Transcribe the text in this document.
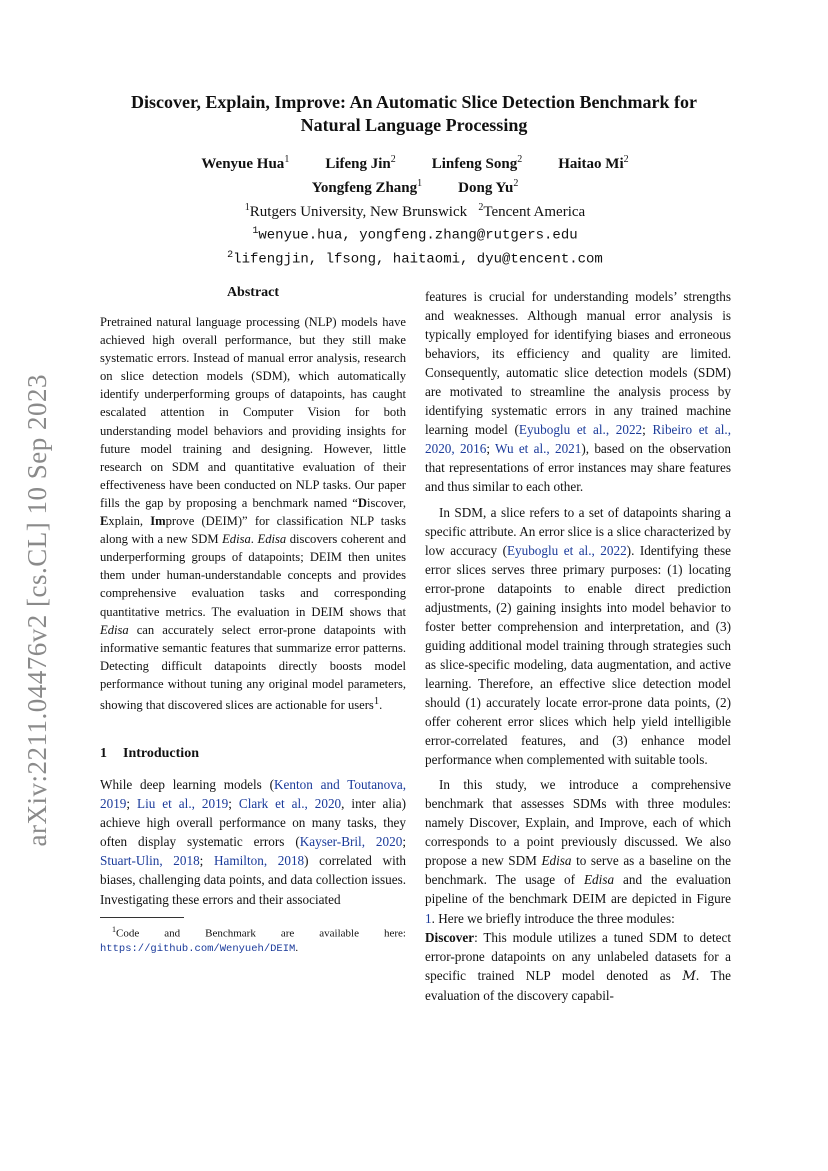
arXiv:2211.04476v2 [cs.CL] 10 Sep 2023
Discover, Explain, Improve: An Automatic Slice Detection Benchmark for
Natural Language Processing
Wenyue Hua$^1$ Lifeng Jin$^2$ Linfeng Song$^2$ Haitao Mi$^2$
Yongfeng Zhang$^1$ Dong Yu$^2$
$^1$Rutgers University, New Brunswick $^2$Tencent America
$^1$wenyue.hua, yongfeng.zhang@rutgers.edu
$^2$lifengjin, lfsong, haitaomi, dyu@tencent.com
Abstract

Pretrained natural language processing (NLP) models have achieved high overall performance, but they still make systematic errors. Instead of manual error analysis, research on slice detection models (SDM), which automatically identify underperforming groups of datapoints, has caught escalated attention in Computer Vision for both understanding model behaviors and providing insights for future model training and designing. However, little research on SDM and quantitative evaluation of their effectiveness have been conducted on NLP tasks. Our paper fills the gap by proposing a benchmark named “Discover, Explain, Improve (DEIM)” for classification NLP tasks along with a new SDM Edisa. Edisa discovers coherent and underperforming groups of datapoints; DEIM then unites them under human-understandable concepts and provides comprehensive evaluation tasks and corresponding quantitative metrics. The evaluation in DEIM shows that Edisa can accurately select error-prone datapoints with informative semantic features that summarize error patterns. Detecting difficult datapoints directly boosts model performance without tuning any original model parameters, showing that discovered slices are actionable for users$^1$.

1 Introduction

While deep learning models (Kenton and Toutanova, 2019; Liu et al., 2019; Clark et al., 2020, inter alia) achieve high overall performance on many tasks, they often display systematic errors (Kayser-Bril, 2020; Stuart-Ulin, 2018; Hamilton, 2018) correlated with biases, challenging data points, and data collection issues. Investigating these errors and their associated

$^1$Code and Benchmark are available here: https://github.com/Wenyueh/DEIM.

features is crucial for understanding models’ strengths and weaknesses. Although manual error analysis is typically employed for identifying biases and erroneous behaviors, its efficiency and quality are limited. Consequently, automatic slice detection models (SDM) are motivated to streamline the analysis process by identifying systematic errors in any trained machine learning model (Eyuboglu et al., 2022; Ribeiro et al., 2020, 2016; Wu et al., 2021), based on the observation that representations of error instances may share features and thus similar to each other.

In SDM, a slice refers to a set of datapoints sharing a specific attribute. An error slice is a slice characterized by low accuracy (Eyuboglu et al., 2022). Identifying these error slices serves three primary purposes: (1) locating error-prone datapoints to enable direct prediction adjustments, (2) gaining insights into model behavior to foster better comprehension and interpretation, and (3) guiding additional model training through strategies such as slice-specific modeling, data augmentation, and active learning. Therefore, an effective slice detection model should (1) accurately locate error-prone data points, (2) offer coherent error slices which help yield intelligible error-correlated features, and (3) enhance model performance when complemented with suitable tools.

In this study, we introduce a comprehensive benchmark that assesses SDMs with three modules: namely Discover, Explain, and Improve, each of which corresponds to a point previously discussed. We also propose a new SDM Edisa to serve as a baseline on the benchmark. The usage of Edisa and the evaluation pipeline of the benchmark DEIM are depicted in Figure 1. Here we briefly introduce the three modules:

Discover: This module utilizes a tuned SDM to detect error-prone datapoints on any unlabeled datasets for a specific trained NLP model denoted as M. The evaluation of the discovery capabil-
